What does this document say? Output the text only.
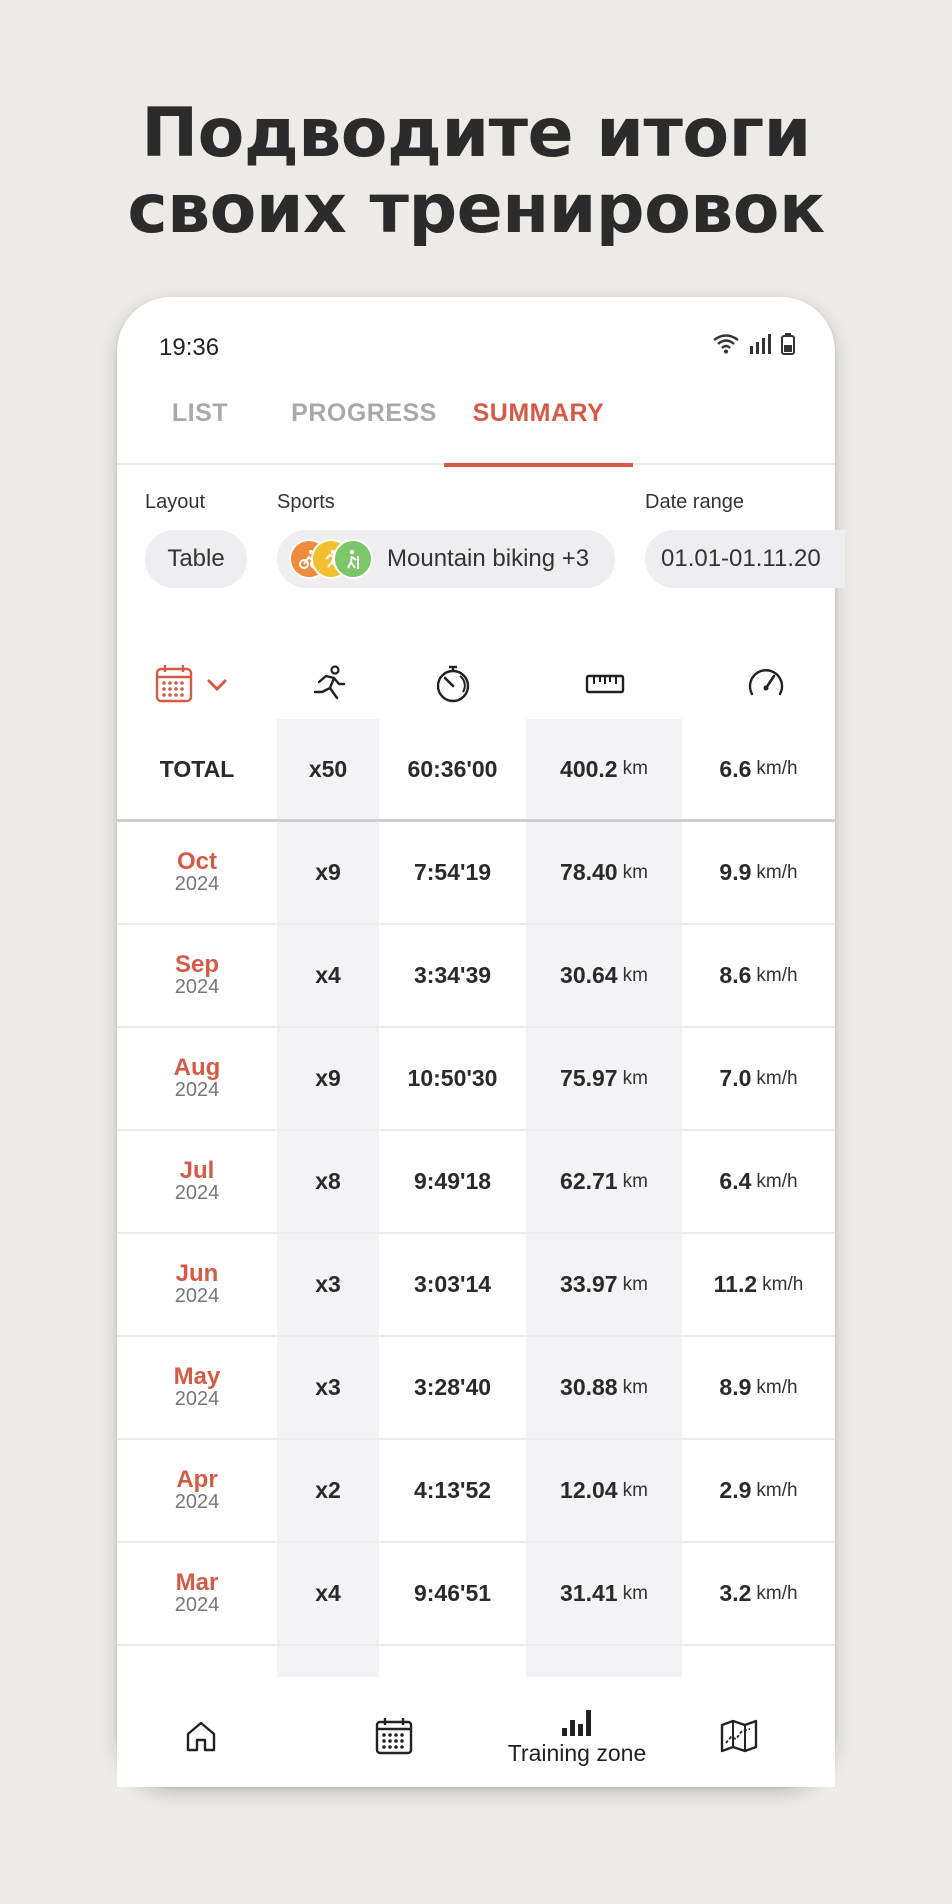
Подводите итоги
своих тренировок
19:36
LIST	PROGRESS	SUMMARY
Layout	Sports	Date range
Table	Mountain biking +3	01.01-01.11.20
TOTAL	x50	60:36'00	400.2 km	6.6 km/h
Oct
2024	x9	7:54'19	78.40 km	9.9 km/h
Sep
2024	x4	3:34'39	30.64 km	8.6 km/h
Aug
2024	x9	10:50'30	75.97 km	7.0 km/h
Jul
2024	x8	9:49'18	62.71 km	6.4 km/h
Jun
2024	x3	3:03'14	33.97 km	11.2 km/h
May
2024	x3	3:28'40	30.88 km	8.9 km/h
Apr
2024	x2	4:13'52	12.04 km	2.9 km/h
Mar
2024	x4	9:46'51	31.41 km	3.2 km/h
Training zone
